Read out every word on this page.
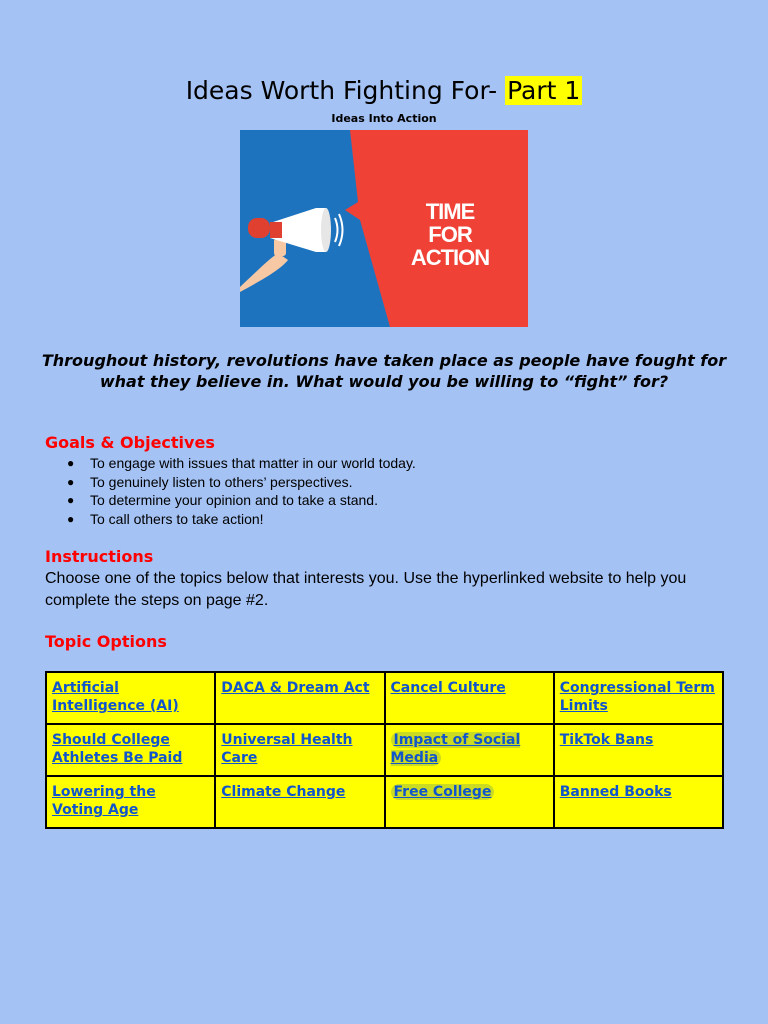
Ideas Worth Fighting For- Part 1
Ideas Into Action
TIME
FOR
ACTION
Throughout history, revolutions have taken place as people have fought for what they believe in. What would you be willing to “fight” for?
Goals & Objectives
● To engage with issues that matter in our world today.
● To genuinely listen to others’ perspectives.
● To determine your opinion and to take a stand.
● To call others to take action!
Instructions
Choose one of the topics below that interests you. Use the hyperlinked website to help you complete the steps on page #2.
Topic Options
Artificial Intelligence (AI)	DACA & Dream Act	Cancel Culture	Congressional Term Limits
Should College Athletes Be Paid	Universal Health Care	Impact of Social Media	TikTok Bans
Lowering the Voting Age	Climate Change	Free College	Banned Books
